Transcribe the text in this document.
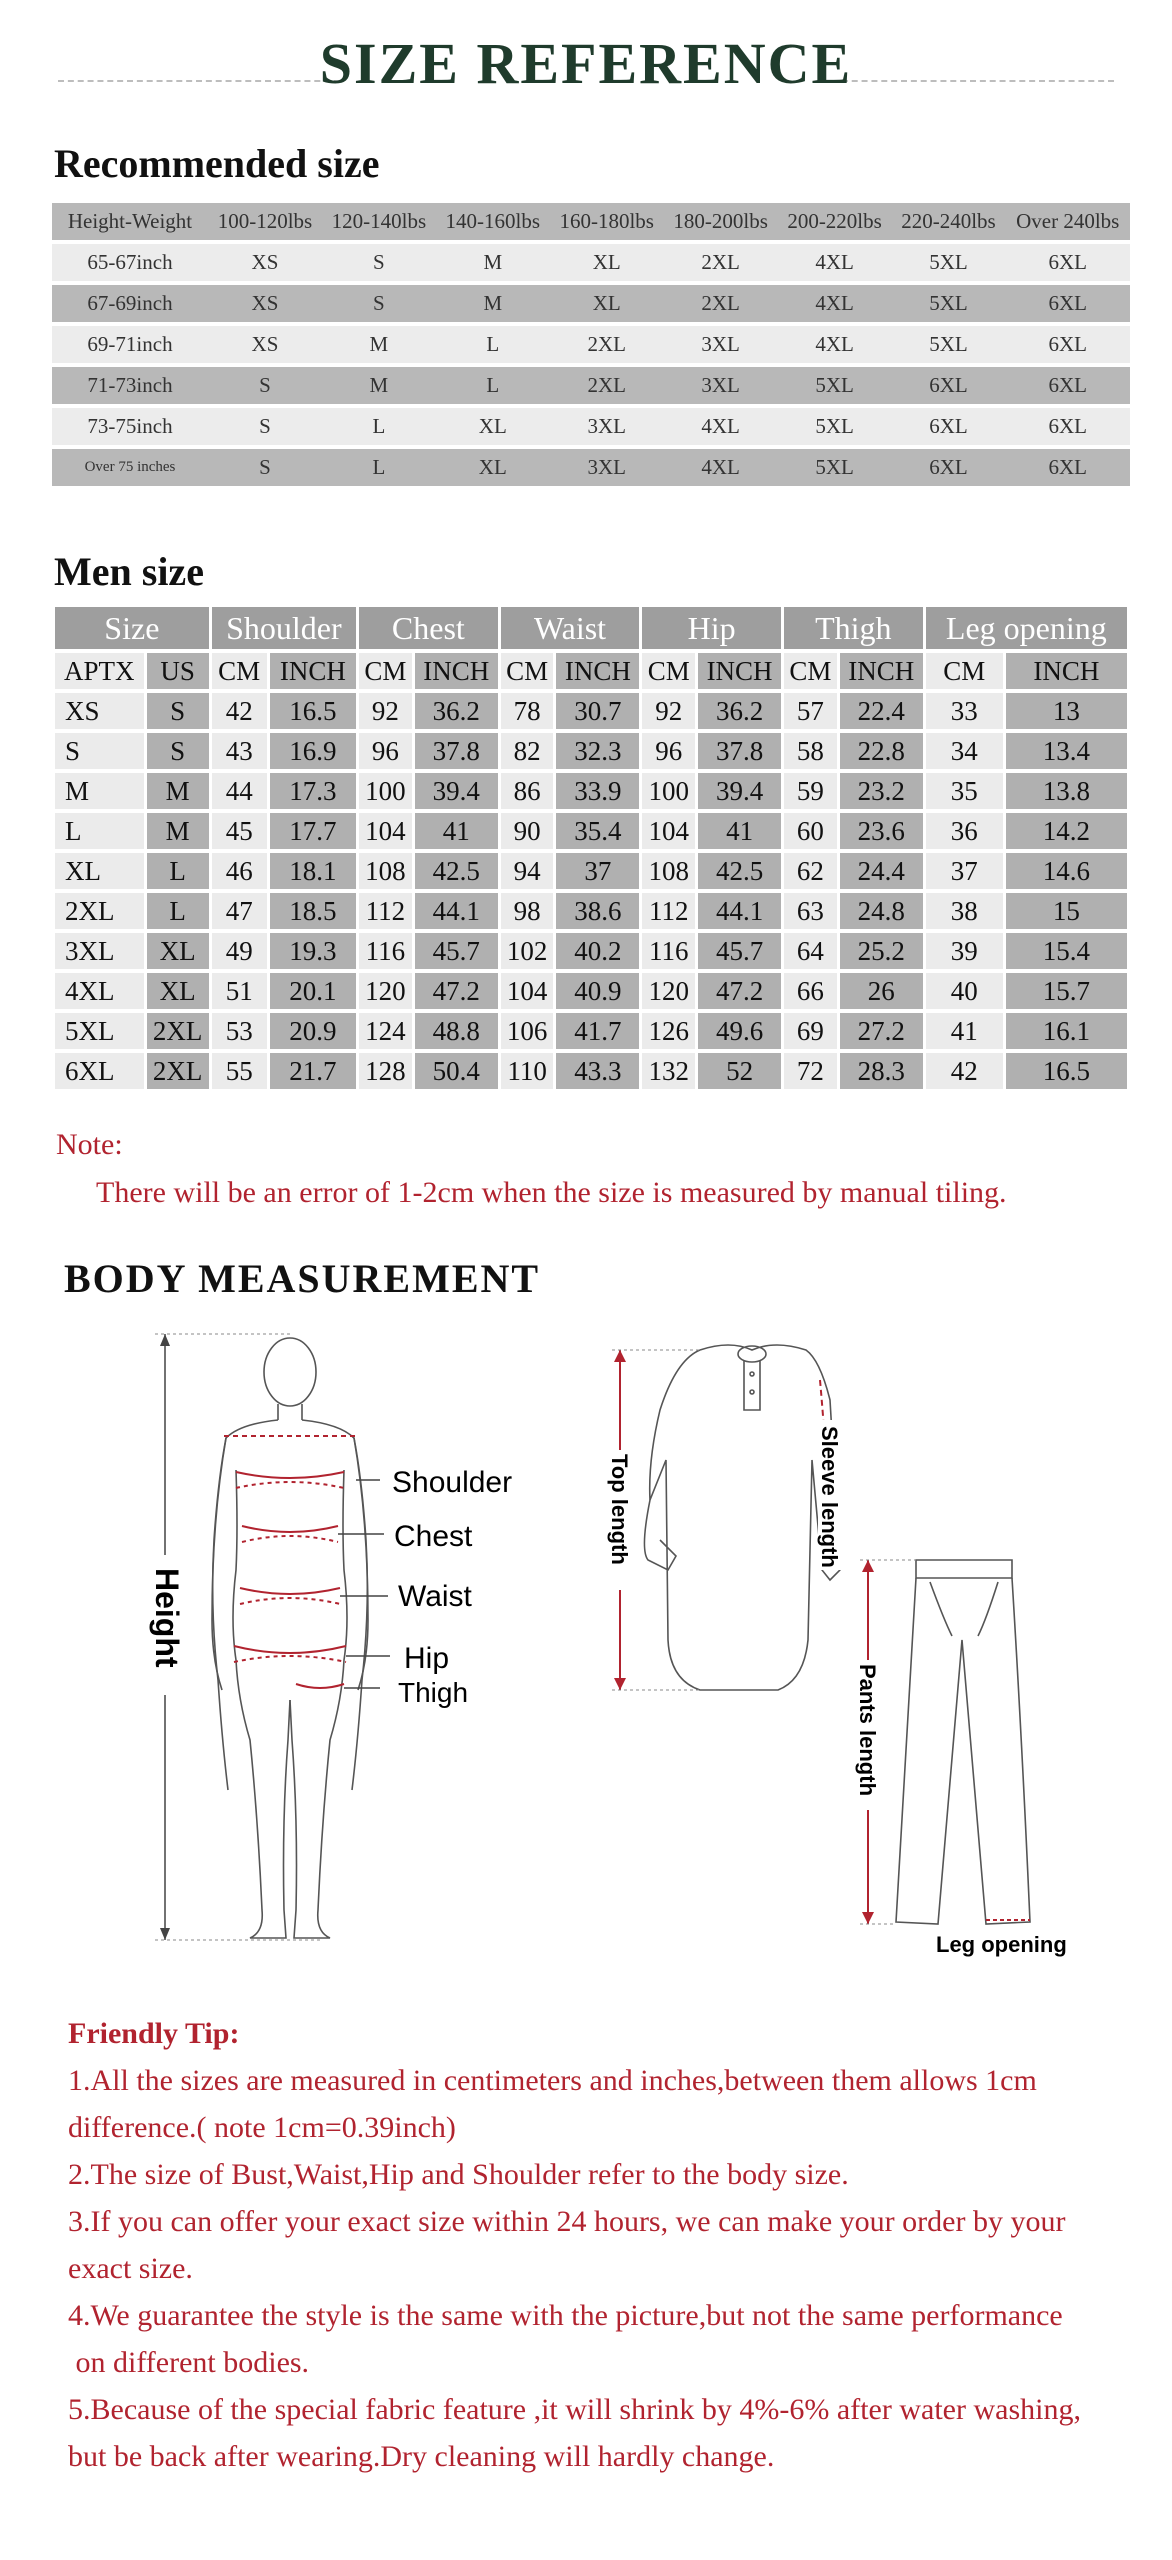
SIZE REFERENCE
Recommended size
Height-Weight	100-120lbs	120-140lbs	140-160lbs	160-180lbs	180-200lbs	200-220lbs	220-240lbs	Over 240lbs
65-67inch	XS	S	M	XL	2XL	4XL	5XL	6XL
67-69inch	XS	S	M	XL	2XL	4XL	5XL	6XL
69-71inch	XS	M	L	2XL	3XL	4XL	5XL	6XL
71-73inch	S	M	L	2XL	3XL	5XL	6XL	6XL
73-75inch	S	L	XL	3XL	4XL	5XL	6XL	6XL
Over 75 inches	S	L	XL	3XL	4XL	5XL	6XL	6XL
Men size
Size		Shoulder		Chest		Waist		Hip		Thigh		Leg opening	
APTX	US	CM	INCH	CM	INCH	CM	INCH	CM	INCH	CM	INCH	CM	INCH
XS	S	42	16.5	92	36.2	78	30.7	92	36.2	57	22.4	33	13
S	S	43	16.9	96	37.8	82	32.3	96	37.8	58	22.8	34	13.4
M	M	44	17.3	100	39.4	86	33.9	100	39.4	59	23.2	35	13.8
L	M	45	17.7	104	41	90	35.4	104	41	60	23.6	36	14.2
XL	L	46	18.1	108	42.5	94	37	108	42.5	62	24.4	37	14.6
2XL	L	47	18.5	112	44.1	98	38.6	112	44.1	63	24.8	38	15
3XL	XL	49	19.3	116	45.7	102	40.2	116	45.7	64	25.2	39	15.4
4XL	XL	51	20.1	120	47.2	104	40.9	120	47.2	66	26	40	15.7
5XL	2XL	53	20.9	124	48.8	106	41.7	126	49.6	69	27.2	41	16.1
6XL	2XL	55	21.7	128	50.4	110	43.3	132	52	72	28.3	42	16.5
Note:
There will be an error of 1-2cm when the size is measured by manual tiling.
BODY MEASUREMENT
Shoulder
Chest
Waist
Hip
Thigh
Height
Top length	Sleeve length
Pants length
Leg opening
Friendly Tip:
1.All the sizes are measured in centimeters and inches,between them allows 1cm
difference.( note 1cm=0.39inch)
2.The size of Bust,Waist,Hip and Shoulder refer to the body size.
3.If you can offer your exact size within 24 hours, we can make your order by your
exact size.
4.We guarantee the style is the same with the picture,but not the same performance
on different bodies.
5.Because of the special fabric feature ,it will shrink by 4%-6% after water washing,
but be back after wearing.Dry cleaning will hardly change.
